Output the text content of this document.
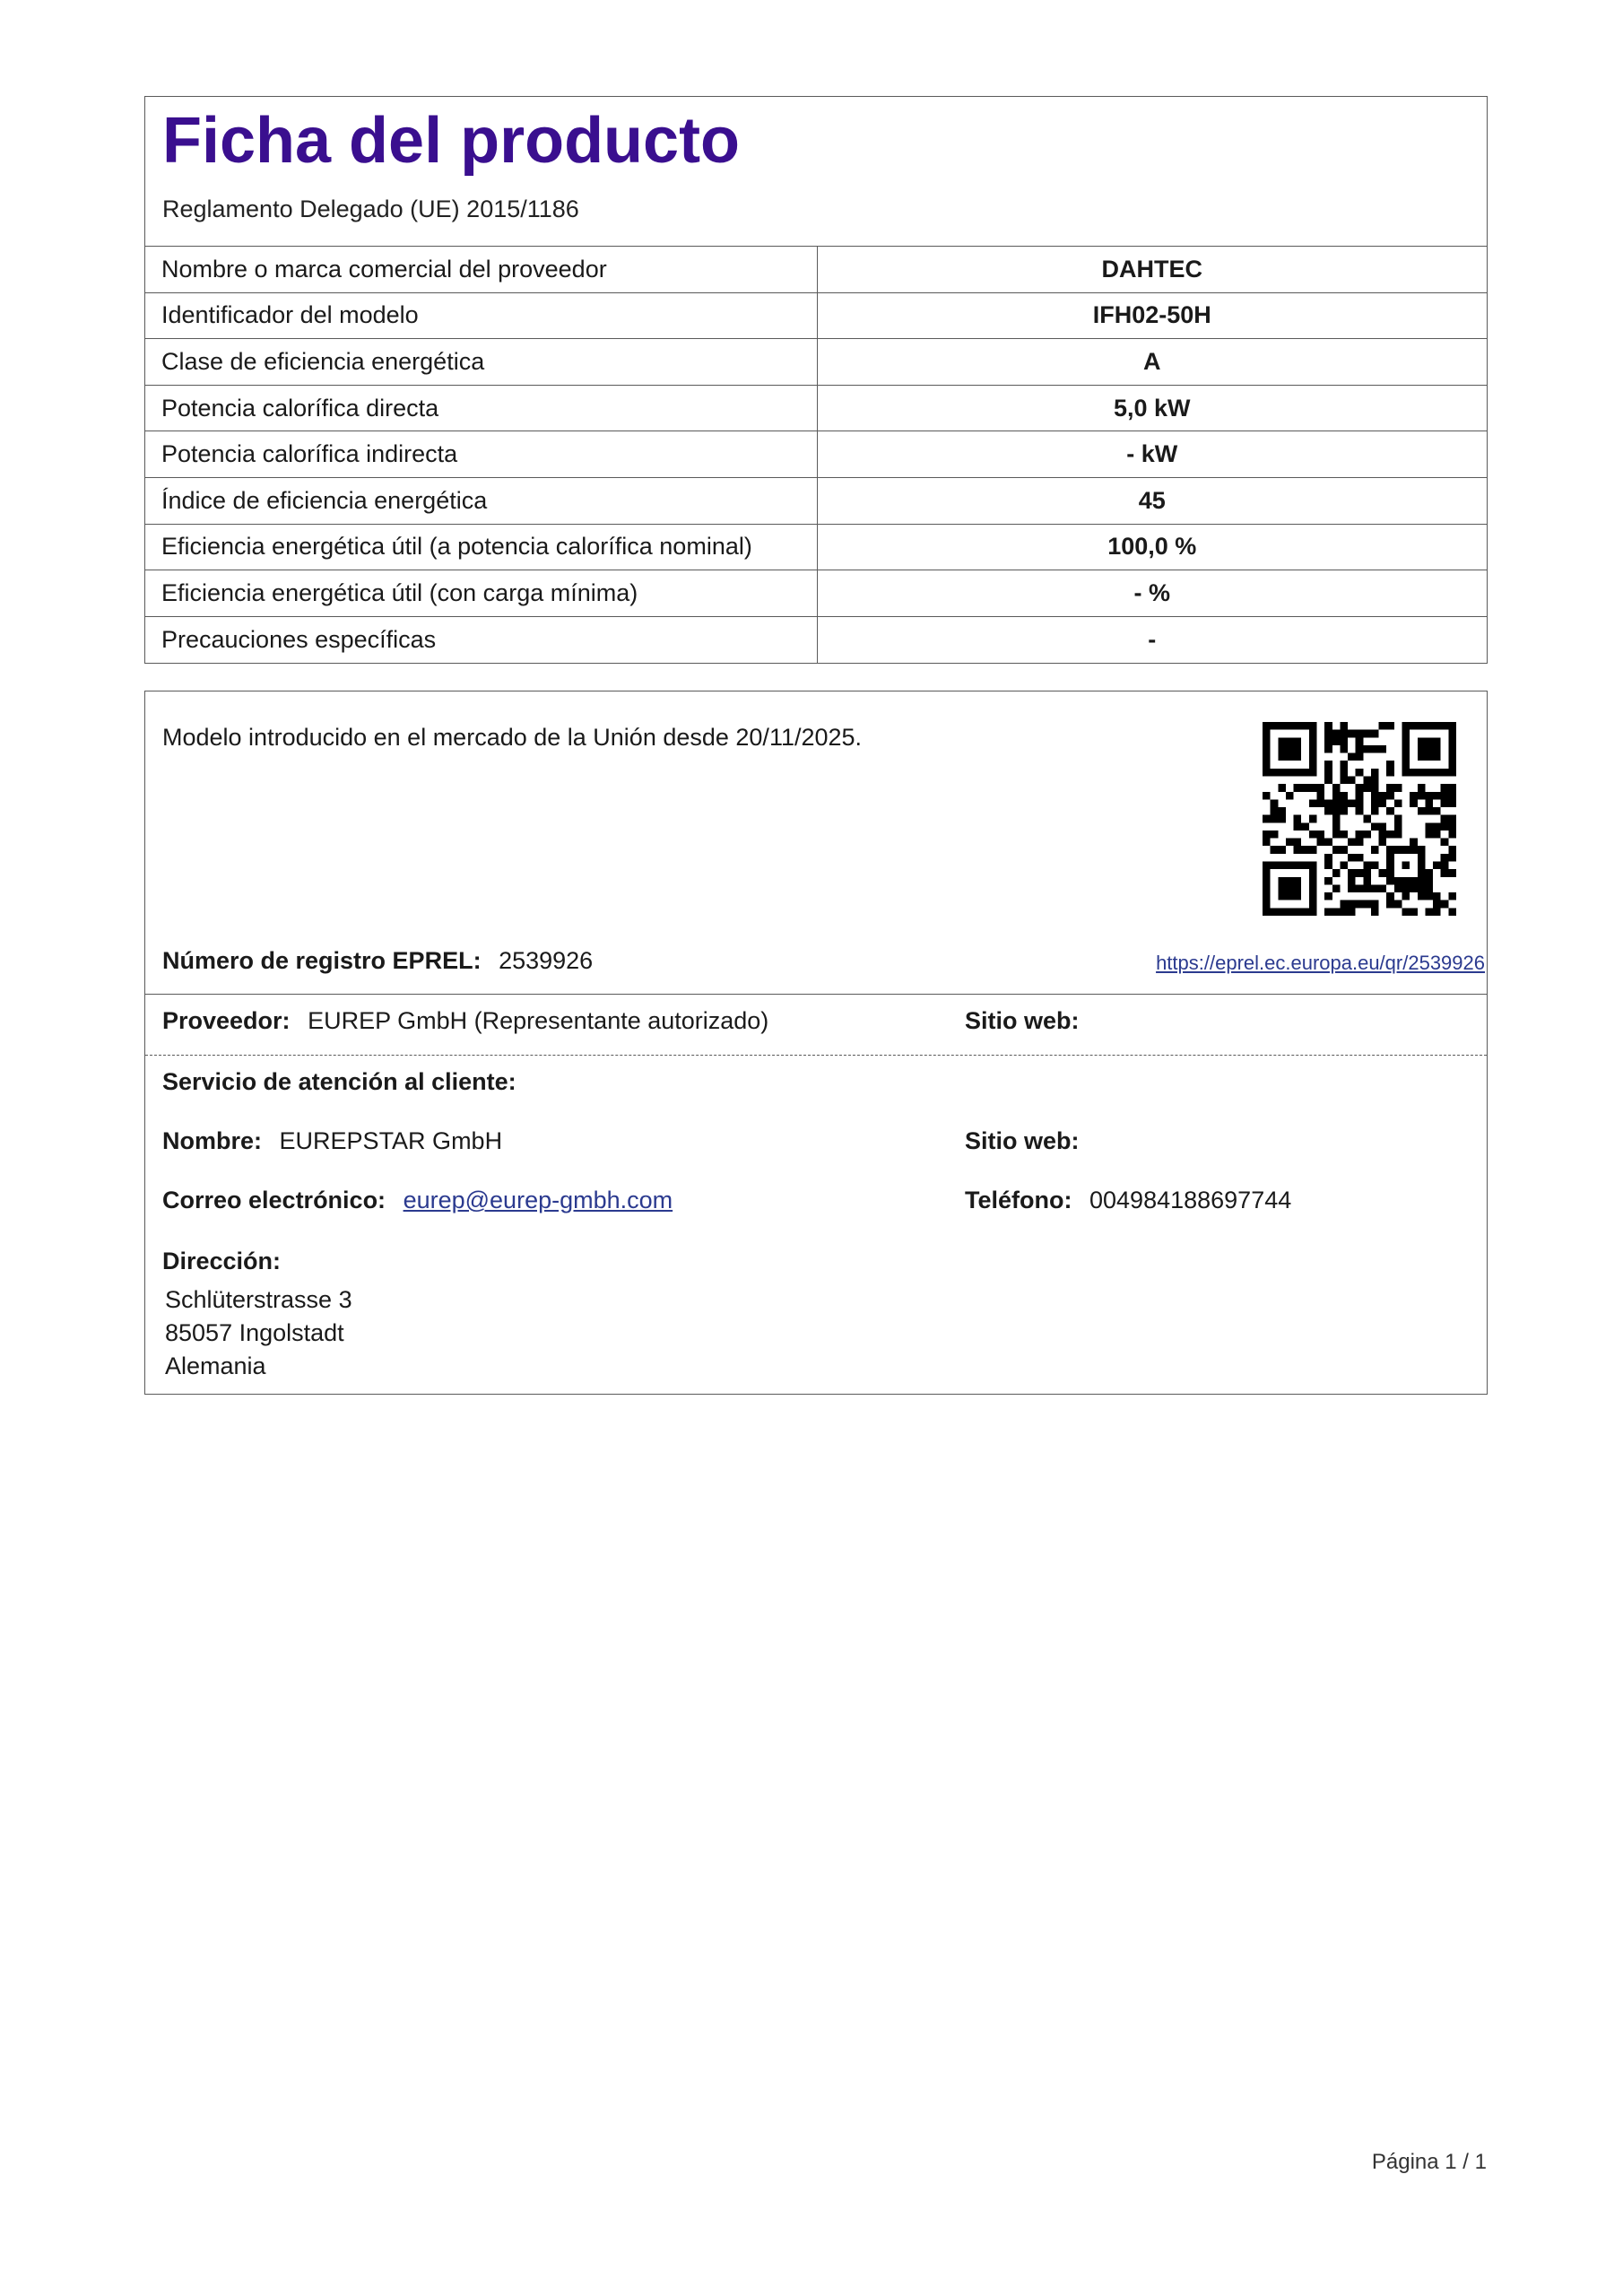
Ficha del producto
Reglamento Delegado (UE) 2015/1186
Nombre o marca comercial del proveedor	DAHTEC
Identificador del modelo	IFH02-50H
Clase de eficiencia energética	A
Potencia calorífica directa	5,0 kW
Potencia calorífica indirecta	- kW
Índice de eficiencia energética	45
Eficiencia energética útil (a potencia calorífica nominal)	100,0 %
Eficiencia energética útil (con carga mínima)	- %
Precauciones específicas	-
Modelo introducido en el mercado de la Unión desde 20/11/2025.
Número de registro EPREL: 2539926	https://eprel.ec.europa.eu/qr/2539926
Proveedor: EUREP GmbH (Representante autorizado)	Sitio web:
Servicio de atención al cliente:
Nombre: EUREPSTAR GmbH	Sitio web:
Correo electrónico: eurep@eurep-gmbh.com	Teléfono: 004984188697744
Dirección:
Schlüterstrasse 3
85057 Ingolstadt
Alemania
Página 1 / 1
